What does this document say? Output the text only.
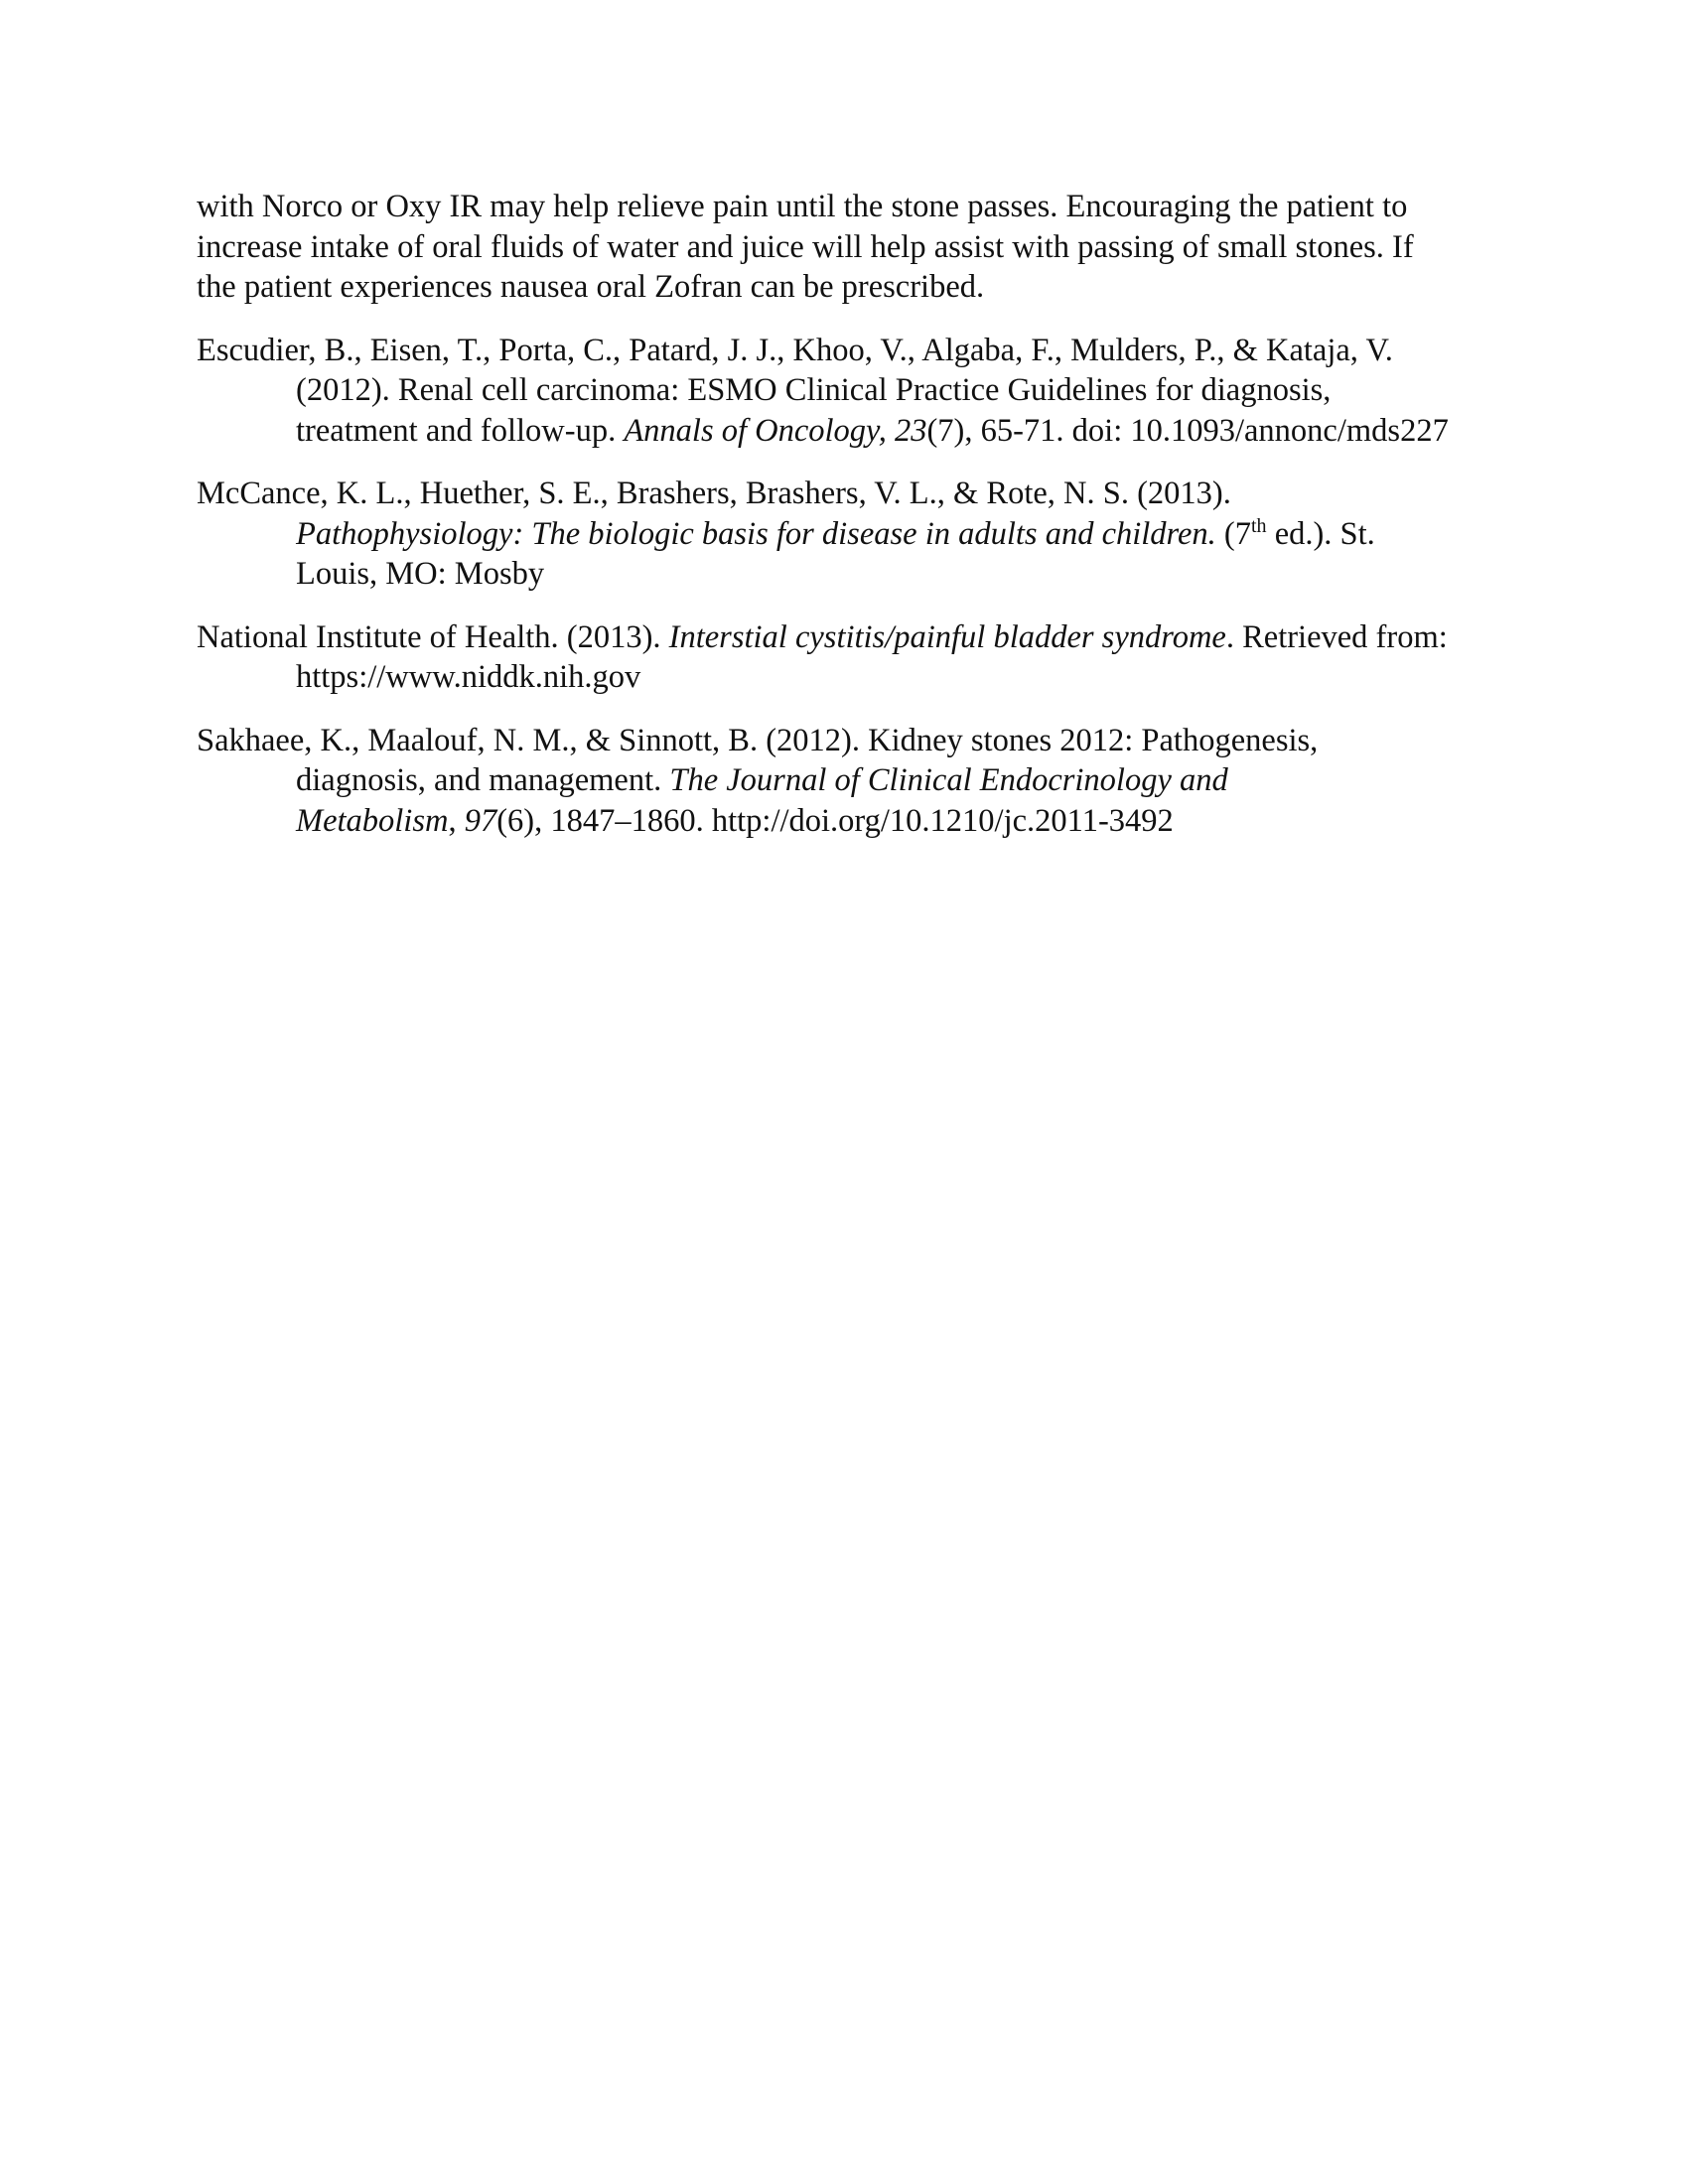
with Norco or Oxy IR may help relieve pain until the stone passes. Encouraging the patient to
increase intake of oral fluids of water and juice will help assist with passing of small stones. If
the patient experiences nausea oral Zofran can be prescribed.

Escudier, B., Eisen, T., Porta, C., Patard, J. J., Khoo, V., Algaba, F., Mulders, P., & Kataja, V.
(2012). Renal cell carcinoma: ESMO Clinical Practice Guidelines for diagnosis,
treatment and follow-up. Annals of Oncology, 23(7), 65-71. doi: 10.1093/annonc/mds227

McCance, K. L., Huether, S. E., Brashers, Brashers, V. L., & Rote, N. S. (2013).
Pathophysiology: The biologic basis for disease in adults and children. (7th ed.). St.
Louis, MO: Mosby

National Institute of Health. (2013). Interstial cystitis/painful bladder syndrome. Retrieved from:
https://www.niddk.nih.gov

Sakhaee, K., Maalouf, N. M., & Sinnott, B. (2012). Kidney stones 2012: Pathogenesis,
diagnosis, and management. The Journal of Clinical Endocrinology and
Metabolism, 97(6), 1847–1860. http://doi.org/10.1210/jc.2011-3492
